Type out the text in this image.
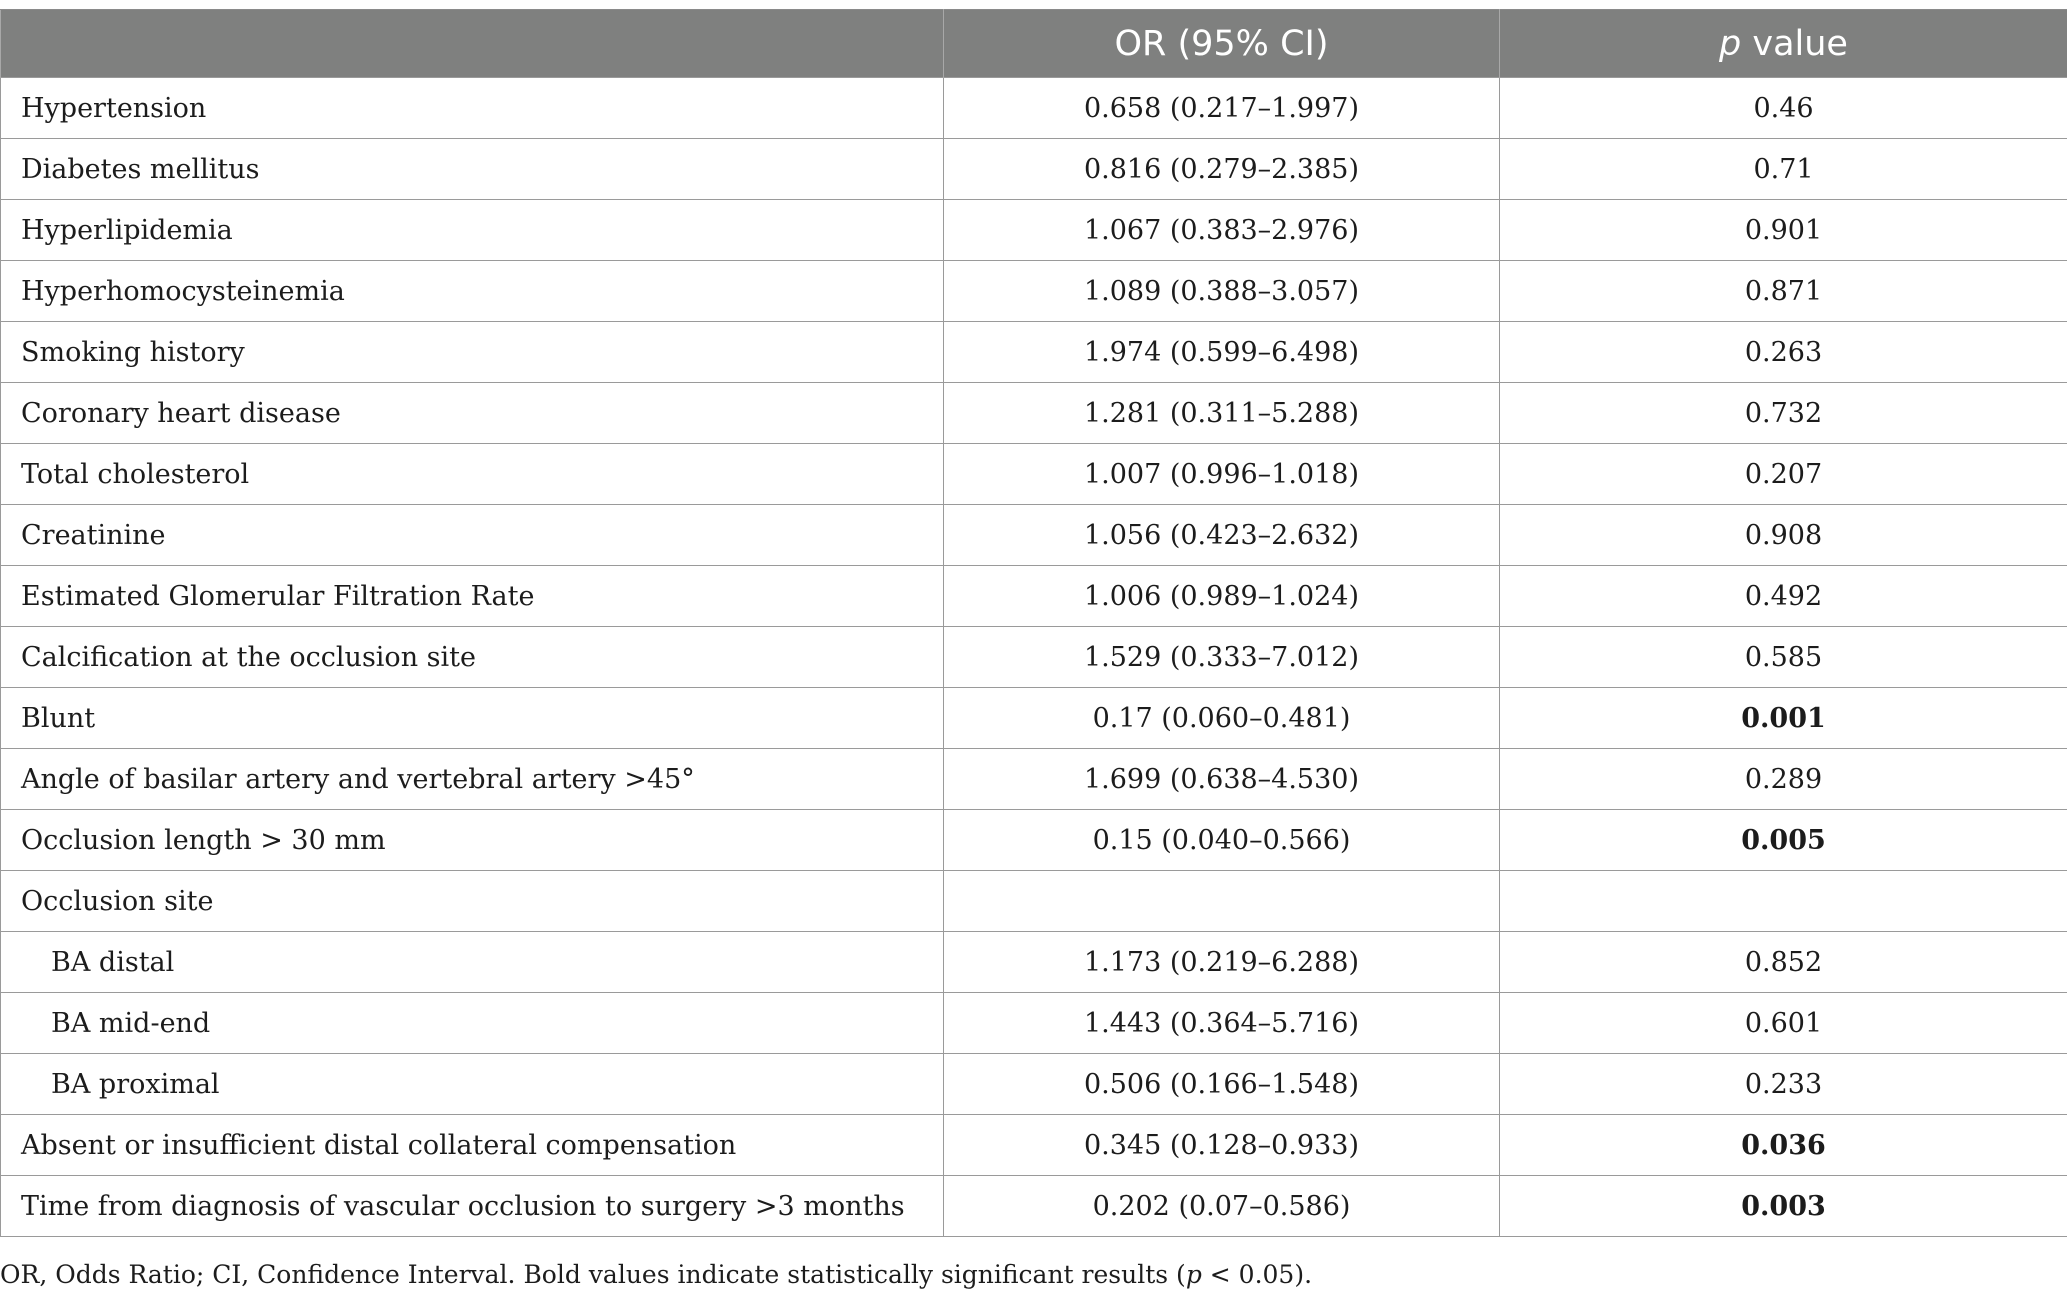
	OR (95% CI)	p value
Hypertension	0.658 (0.217–1.997)	0.46
Diabetes mellitus	0.816 (0.279–2.385)	0.71
Hyperlipidemia	1.067 (0.383–2.976)	0.901
Hyperhomocysteinemia	1.089 (0.388–3.057)	0.871
Smoking history	1.974 (0.599–6.498)	0.263
Coronary heart disease	1.281 (0.311–5.288)	0.732
Total cholesterol	1.007 (0.996–1.018)	0.207
Creatinine	1.056 (0.423–2.632)	0.908
Estimated Glomerular Filtration Rate	1.006 (0.989–1.024)	0.492
Calcification at the occlusion site	1.529 (0.333–7.012)	0.585
Blunt	0.17 (0.060–0.481)	0.001
Angle of basilar artery and vertebral artery >45°	1.699 (0.638–4.530)	0.289
Occlusion length > 30 mm	0.15 (0.040–0.566)	0.005
Occlusion site		
BA distal	1.173 (0.219–6.288)	0.852
BA mid-end	1.443 (0.364–5.716)	0.601
BA proximal	0.506 (0.166–1.548)	0.233
Absent or insufficient distal collateral compensation	0.345 (0.128–0.933)	0.036
Time from diagnosis of vascular occlusion to surgery >3 months	0.202 (0.07–0.586)	0.003
OR, Odds Ratio; CI, Confidence Interval. Bold values indicate statistically significant results (p < 0.05).
